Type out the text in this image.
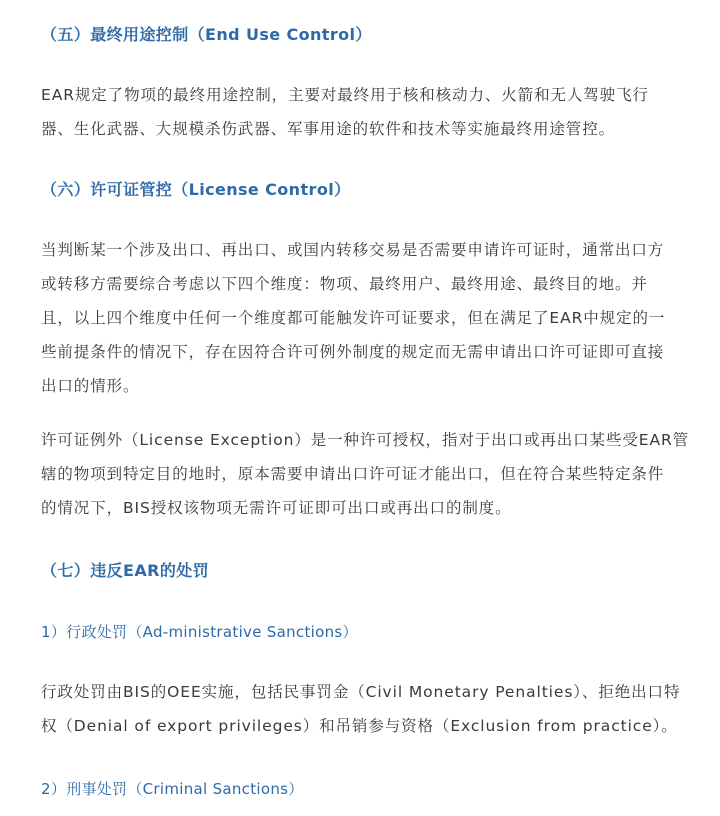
（五）最终用途控制（End Use Control）

EAR规定了物项的最终用途控制，主要对最终用于核和核动力、火箭和无人驾驶飞行
器、生化武器、大规模杀伤武器、军事用途的软件和技术等实施最终用途管控。

（六）许可证管控（License Control）

当判断某一个涉及出口、再出口、或国内转移交易是否需要申请许可证时，通常出口方
或转移方需要综合考虑以下四个维度：物项、最终用户、最终用途、最终目的地。并
且，以上四个维度中任何一个维度都可能触发许可证要求，但在满足了EAR中规定的一
些前提条件的情况下，存在因符合许可例外制度的规定而无需申请出口许可证即可直接
出口的情形。

许可证例外（License Exception）是一种许可授权，指对于出口或再出口某些受EAR管
辖的物项到特定目的地时，原本需要申请出口许可证才能出口，但在符合某些特定条件
的情况下，BIS授权该物项无需许可证即可出口或再出口的制度。

（七）违反EAR的处罚
1）行政处罚（Ad-ministrative Sanctions）

行政处罚由BIS的OEE实施，包括民事罚金（Civil Monetary Penalties）、拒绝出口特
权（Denial of export privileges）和吊销参与资格（Exclusion from practice）。

2）刑事处罚（Criminal Sanctions）
